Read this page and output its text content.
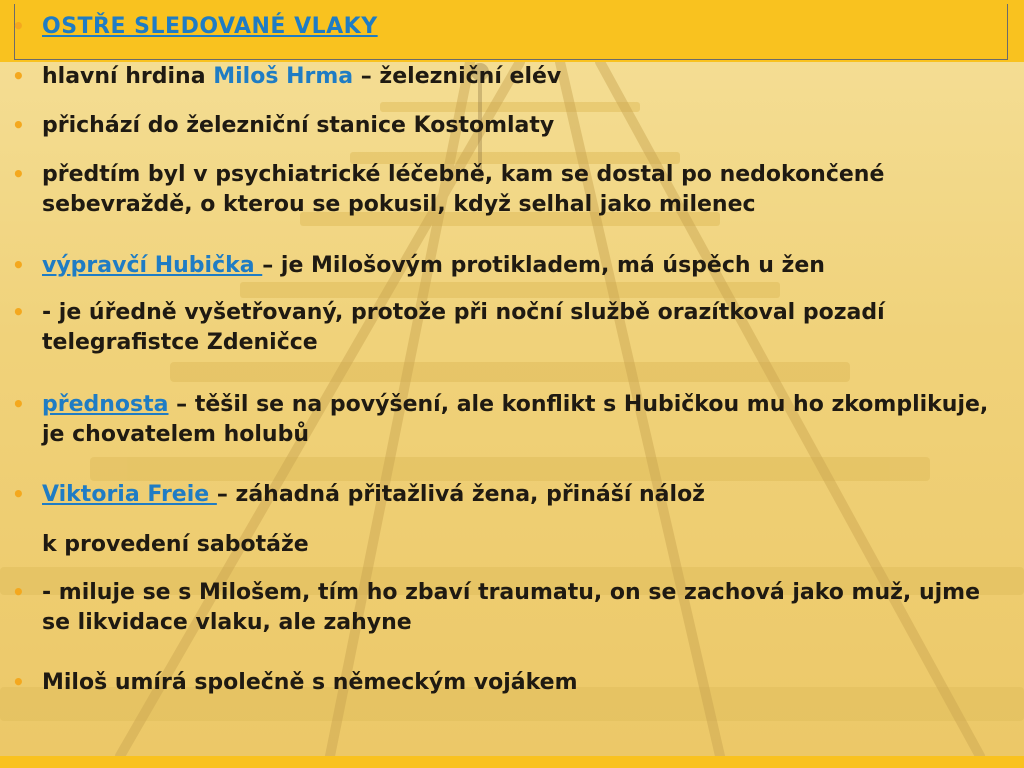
• OSTŘE SLEDOVANÉ VLAKY
• hlavní hrdina Miloš Hrma – železniční elév
• přichází do železniční stanice Kostomlaty
• předtím byl v psychiatrické léčebně, kam se dostal po nedokončené sebevraždě, o kterou se pokusil, když selhal jako milenec
• výpravčí Hubička – je Milošovým protikladem, má úspěch u žen
• - je úředně vyšetřovaný, protože při noční službě orazítkoval pozadí telegrafistce Zdeničce
• přednosta – těšil se na povýšení, ale konflikt s Hubičkou mu ho zkomplikuje, je chovatelem holubů
• Viktoria Freie – záhadná přitažlivá žena, přináší nálož
k provedení sabotáže
• - miluje se s Milošem, tím ho zbaví traumatu, on se zachová jako muž, ujme se likvidace vlaku, ale zahyne
• Miloš umírá společně s německým vojákem
